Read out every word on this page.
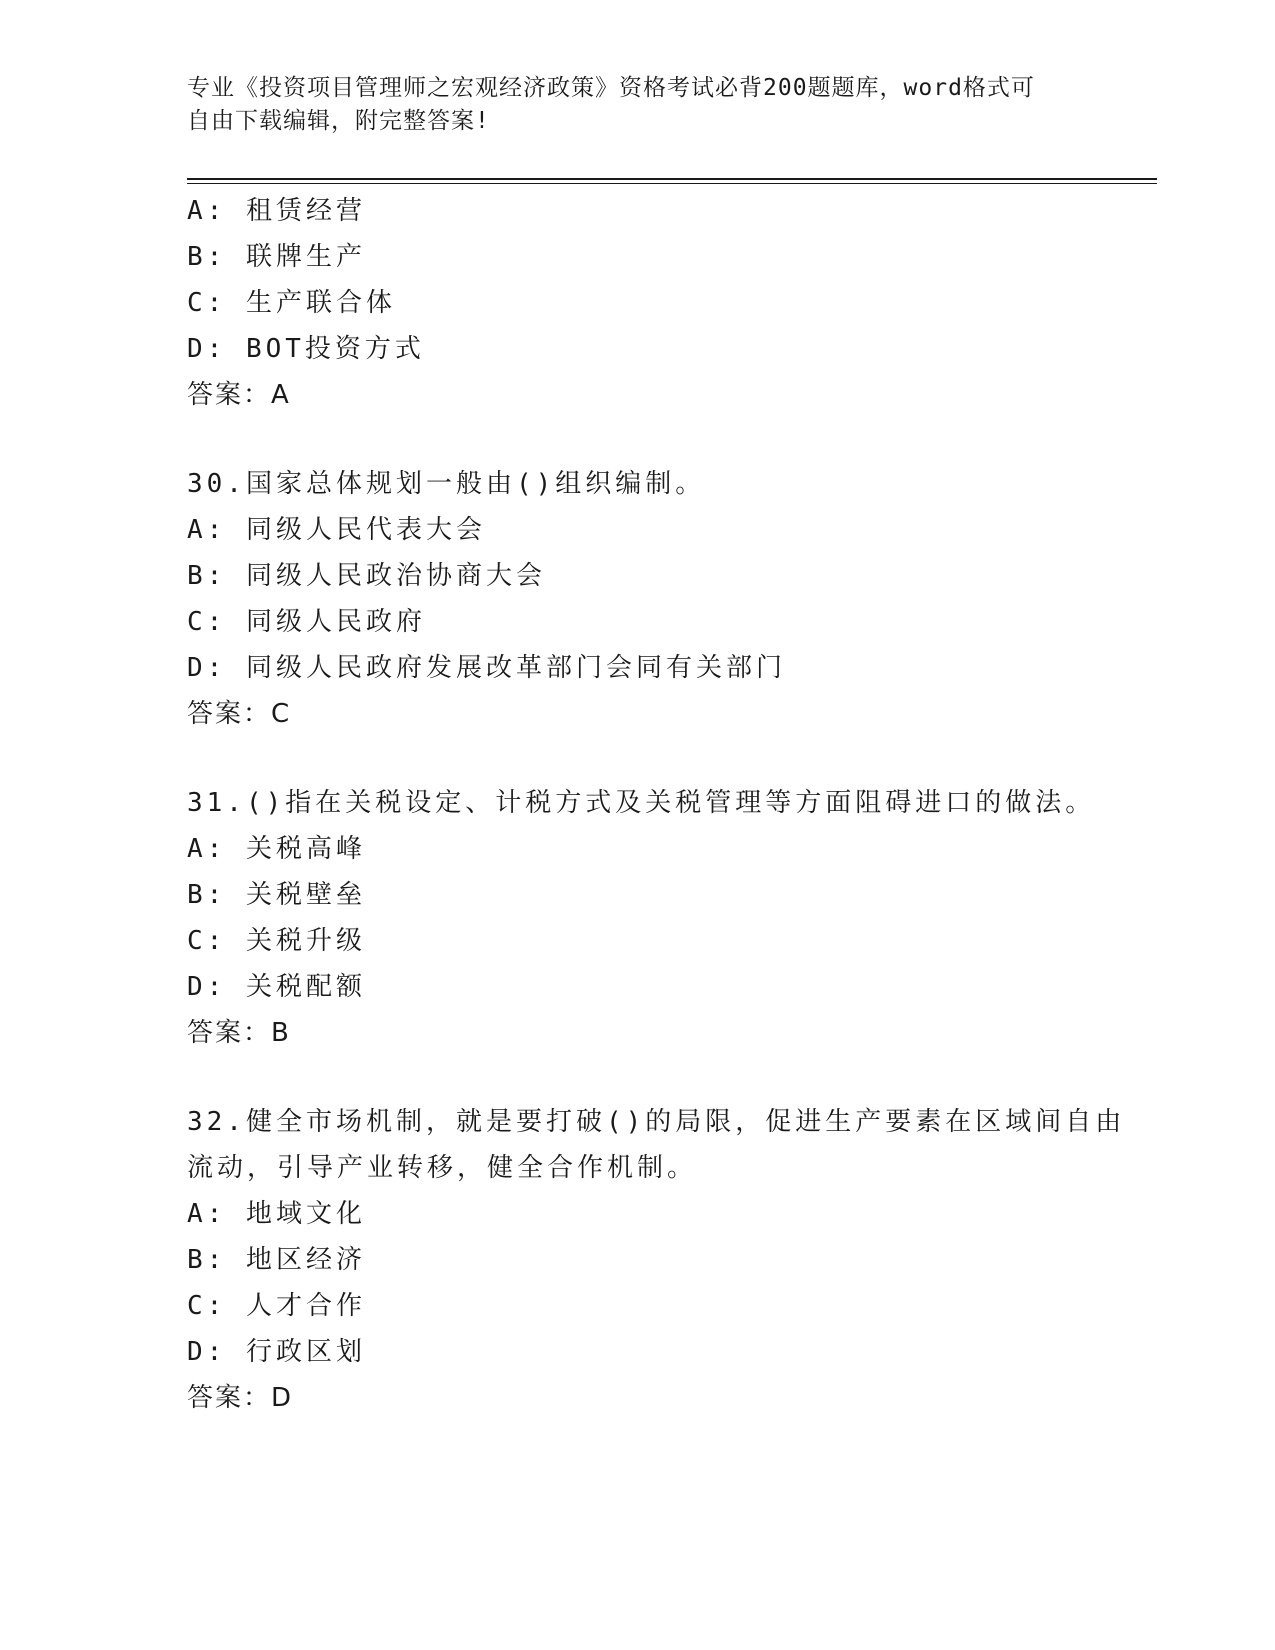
专业《投资项目管理师之宏观经济政策》资格考试必背200题题库，word格式可
自由下载编辑，附完整答案!
A: 租赁经营
B: 联牌生产
C: 生产联合体
D: BOT投资方式
答案：A
30.国家总体规划一般由()组织编制。
A: 同级人民代表大会
B: 同级人民政治协商大会
C: 同级人民政府
D: 同级人民政府发展改革部门会同有关部门
答案：C
31.()指在关税设定、计税方式及关税管理等方面阻碍进口的做法。
A: 关税高峰
B: 关税壁垒
C: 关税升级
D: 关税配额
答案：B
32.健全市场机制，就是要打破()的局限，促进生产要素在区域间自由
流动，引导产业转移，健全合作机制。
A: 地域文化
B: 地区经济
C: 人才合作
D: 行政区划
答案：D
